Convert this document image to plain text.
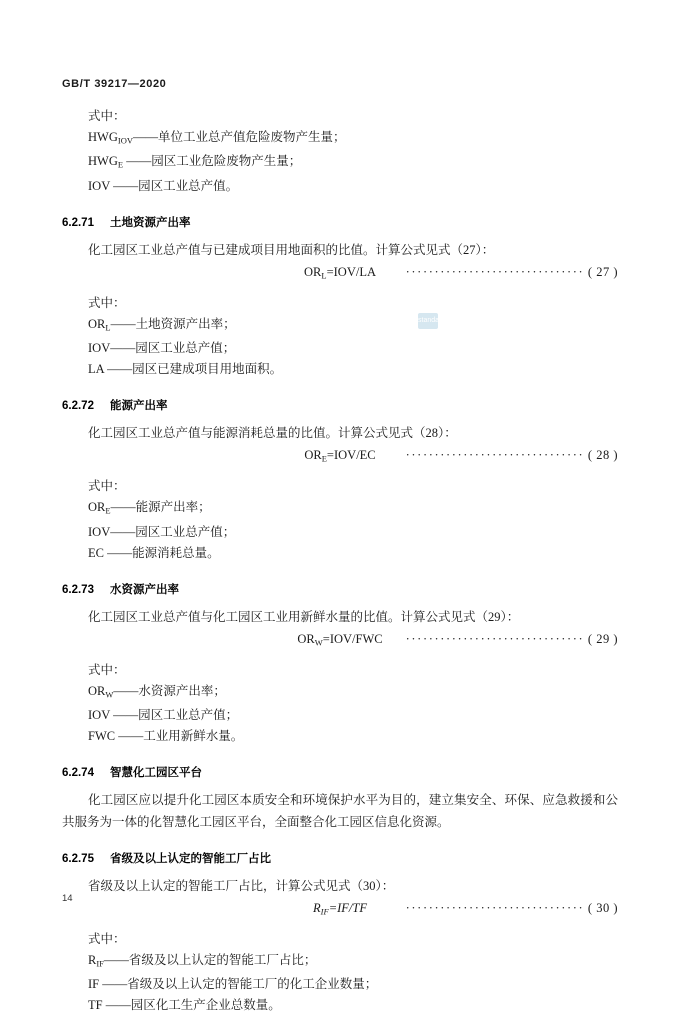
GB/T 39217—2020
standards
式中：
$HWG_{IOV}——$单位工业总产值危险废物产生量；
$HWG_E$ ——园区工业危险废物产生量；
IOV ——园区工业总产值。
6.2.71 土地资源产出率
化工园区工业总产值与已建成项目用地面积的比值。计算公式见式（27）：
$OR_L=IOV/LA$ ······························· ( 27 )
式中：
$OR_L——$土地资源产出率；
IOV——园区工业总产值；
LA ——园区已建成项目用地面积。
6.2.72 能源产出率
化工园区工业总产值与能源消耗总量的比值。计算公式见式（28）：
$OR_E=IOV/EC$ ······························· ( 28 )
式中：
$OR_E——$能源产出率；
IOV——园区工业总产值；
EC ——能源消耗总量。
6.2.73 水资源产出率
化工园区工业总产值与化工园区工业用新鲜水量的比值。计算公式见式（29）：
$OR_W=IOV$/FWC ······························· ( 29 )
式中：
$OR_W——$水资源产出率；
IOV ——园区工业总产值；
FWC ——工业用新鲜水量。
6.2.74 智慧化工园区平台
化工园区应以提升化工园区本质安全和环境保护水平为目的，建立集安全、环保、应急救援和公共服务为一体的化智慧化工园区平台，全面整合化工园区信息化资源。
6.2.75 省级及以上认定的智能工厂占比
省级及以上认定的智能工厂占比，计算公式见式（30）：
$R_{IF}=IF/TF$	······························· ( 30 )
式中：
$R_{IF}——$省级及以上认定的智能工厂占比；
IF ——省级及以上认定的智能工厂的化工企业数量；
TF ——园区化工生产企业总数量。
14
